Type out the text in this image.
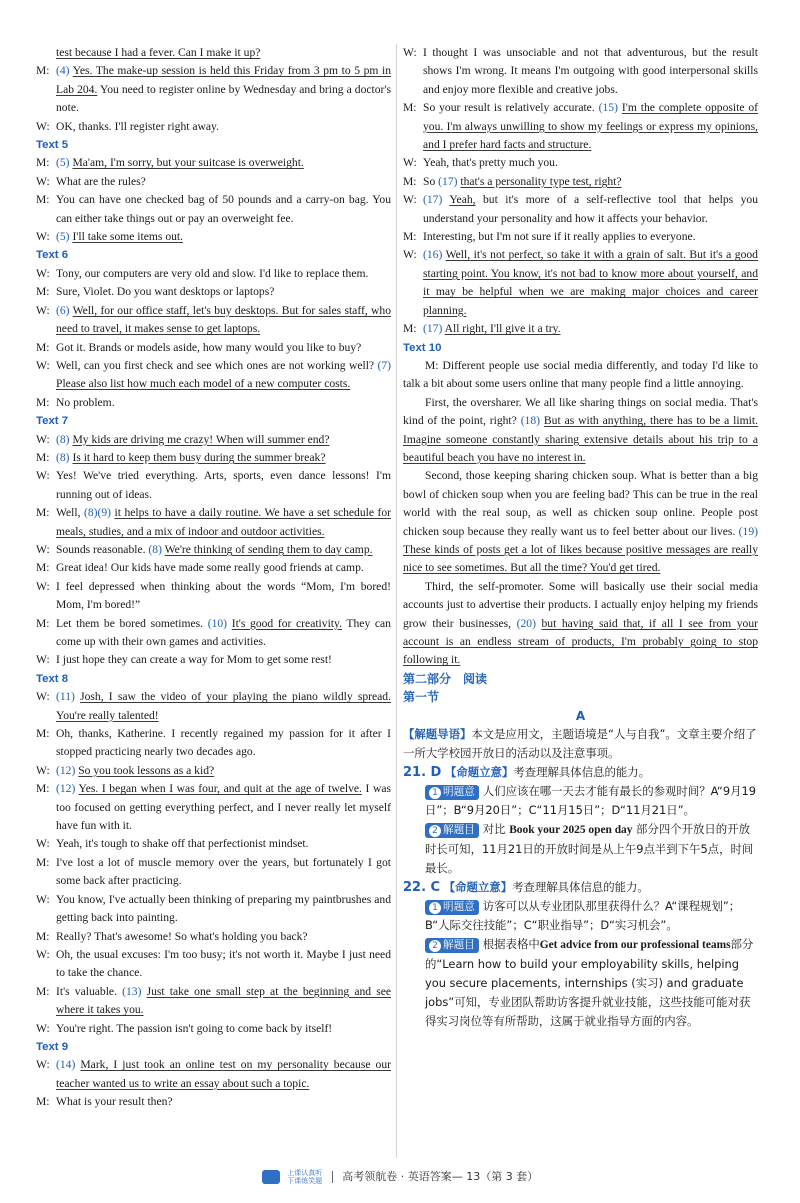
test because I had a fever. Can I make it up?
M: (4) Yes. The make-up session is held this Friday from 3 pm to 5 pm in Lab 204. You need to register online by Wednesday and bring a doctor's note.
W: OK, thanks. I'll register right away.
Text 5
M: (5) Ma'am, I'm sorry, but your suitcase is overweight.
W: What are the rules?
M: You can have one checked bag of 50 pounds and a carry-on bag. You can either take things out or pay an overweight fee.
W: (5) I'll take some items out.
Text 6
W: Tony, our computers are very old and slow. I'd like to replace them.
M: Sure, Violet. Do you want desktops or laptops?
W: (6) Well, for our office staff, let's buy desktops. But for sales staff, who need to travel, it makes sense to get laptops.
M: Got it. Brands or models aside, how many would you like to buy?
W: Well, can you first check and see which ones are not working well? (7) Please also list how much each model of a new computer costs.
M: No problem.
Text 7
W: (8) My kids are driving me crazy! When will summer end?
M: (8) Is it hard to keep them busy during the summer break?
W: Yes! We've tried everything. Arts, sports, even dance lessons! I'm running out of ideas.
M: Well, (8)(9) it helps to have a daily routine. We have a set schedule for meals, studies, and a mix of indoor and outdoor activities.
W: Sounds reasonable. (8) We're thinking of sending them to day camp.
M: Great idea! Our kids have made some really good friends at camp.
W: I feel depressed when thinking about the words “Mom, I'm bored! Mom, I'm bored!”
M: Let them be bored sometimes. (10) It's good for creativity. They can come up with their own games and activities.
W: I just hope they can create a way for Mom to get some rest!
Text 8
W: (11) Josh, I saw the video of your playing the piano wildly spread. You're really talented!
M: Oh, thanks, Katherine. I recently regained my passion for it after I stopped practicing nearly two decades ago.
W: (12) So you took lessons as a kid?
M: (12) Yes. I began when I was four, and quit at the age of twelve. I was too focused on getting everything perfect, and I never really let myself have fun with it.
W: Yeah, it's tough to shake off that perfectionist mindset.
M: I've lost a lot of muscle memory over the years, but fortunately I got some back after practicing.
W: You know, I've actually been thinking of preparing my paintbrushes and getting back into painting.
M: Really? That's awesome! So what's holding you back?
W: Oh, the usual excuses: I'm too busy; it's not worth it. Maybe I just need to take the chance.
M: It's valuable. (13) Just take one small step at the beginning and see where it takes you.
W: You're right. The passion isn't going to come back by itself!
Text 9
W: (14) Mark, I just took an online test on my personality because our teacher wanted us to write an essay about such a topic.
M: What is your result then?
W: I thought I was unsociable and not that adventurous, but the result shows I'm wrong. It means I'm outgoing with good interpersonal skills and enjoy more flexible and creative jobs.
M: So your result is relatively accurate. (15) I'm the complete opposite of you. I'm always unwilling to show my feelings or express my opinions, and I prefer hard facts and structure.
W: Yeah, that's pretty much you.
M: So (17) that's a personality type test, right?
W: (17) Yeah, but it's more of a self-reflective tool that helps you understand your personality and how it affects your behavior.
M: Interesting, but I'm not sure if it really applies to everyone.
W: (16) Well, it's not perfect, so take it with a grain of salt. But it's a good starting point. You know, it's not bad to know more about yourself, and it may be helpful when we are making major choices and career planning.
M: (17) All right, I'll give it a try.
Text 10
M: Different people use social media differently, and today I'd like to talk a bit about some users online that many people find a little annoying.
First, the oversharer. We all like sharing things on social media. That's kind of the point, right? (18) But as with anything, there has to be a limit. Imagine someone constantly sharing extensive details about his trip to a beautiful beach you have no interest in.
Second, those keeping sharing chicken soup. What is better than a big bowl of chicken soup when you are feeling bad? This can be true in the real world with the real soup, as well as chicken soup online. People post chicken soup because they really want us to feel better about our lives. (19) These kinds of posts get a lot of likes because positive messages are really nice to see sometimes. But all the time? You'd get tired.
Third, the self-promoter. Some will basically use their social media accounts just to advertise their products. I actually enjoy helping my friends grow their businesses, (20) but having said that, if all I see from your account is an endless stream of products, I'm probably going to stop following it.
第二部分　阅读
第一节
A
【解题导语】本文是应用文，主题语境是“人与自我”。文章主要介绍了一所大学校园开放日的活动以及注意事项。
21. D 【命题立意】考查理解具体信息的能力。
1 明题意 人们应该在哪一天去才能有最长的参观时间？A“9月19日”；B“9月20日”；C“11月15日”；D“11月21日”。
2 解题目 对比 Book your 2025 open day 部分四个开放日的开放时长可知，11月21日的开放时间是从上午9点半到下午5点，时间最长。
22. C 【命题立意】考查理解具体信息的能力。
1 明题意 访客可以从专业团队那里获得什么？A“课程规划”；B“人际交往技能”；C“职业指导”；D“实习机会”。
2 解题目 根据表格中Get advice from our professional teams部分的“Learn how to build your employability skills, helping you secure placements, internships (实习) and graduate jobs”可知，专业团队帮助访客提升就业技能，这些技能可能对获得实习岗位等有所帮助，这属于就业指导方面的内容。
上课认真听
下课练笑题 高考领航卷 · 英语答案— 13（第 3 套）
